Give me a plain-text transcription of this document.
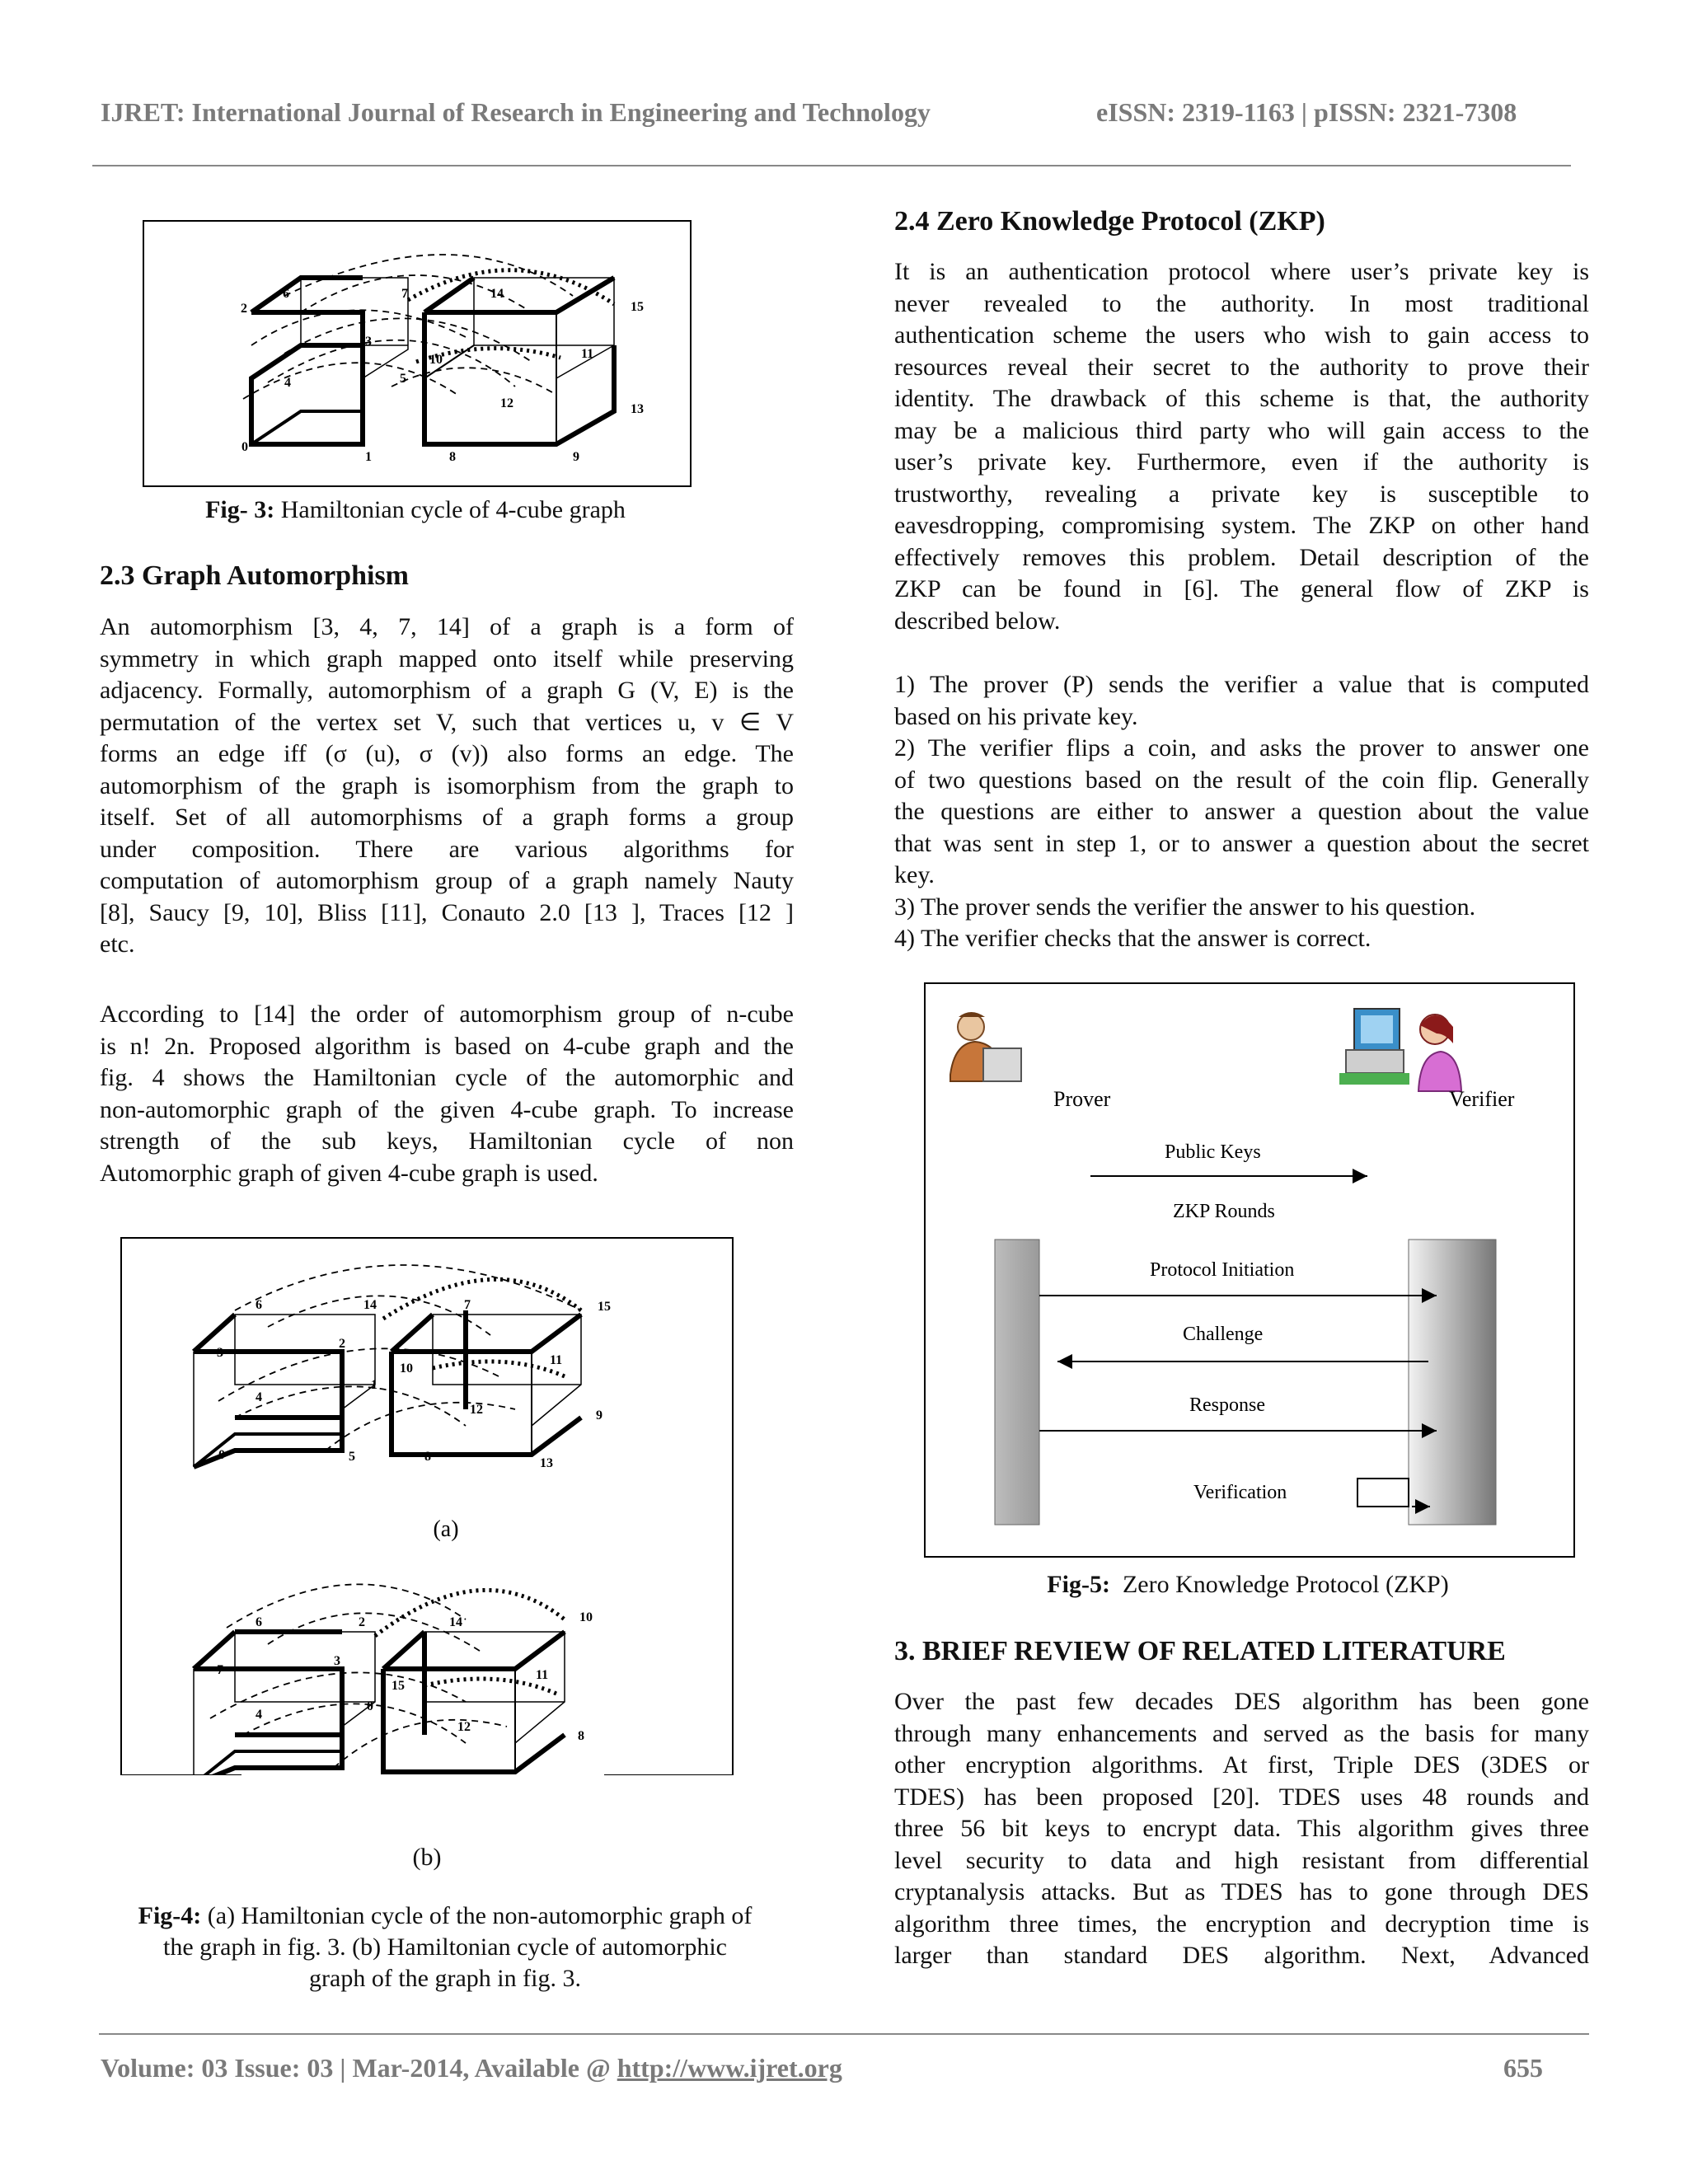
IJRET: International Journal of Research in Engineering and Technology	eISSN: 2319-1163 | pISSN: 2321-7308
0
1
2
3
4	5
6	7
8	9
10	11
12	13
14
15
Fig- 3: Hamiltonian cycle of 4-cube graph
2.3 Graph Automorphism
An automorphism [3, 4, 7, 14] of a graph is a form of
symmetry in which graph mapped onto itself while preserving
adjacency. Formally, automorphism of a graph G (V, E) is the
permutation of the vertex set V, such that vertices u, v ∈ V
forms an edge iff (σ (u), σ (v)) also forms an edge. The
automorphism of the graph is isomorphism from the graph to
itself. Set of all automorphisms of a graph forms a group
under composition. There are various algorithms for
computation of automorphism group of a graph namely Nauty
[8], Saucy [9, 10], Bliss [11], Conauto 2.0 [13 ], Traces [12 ]
etc.
According to [14] the order of automorphism group of n-cube
is n! 2n. Proposed algorithm is based on 4-cube graph and the
fig. 4 shows the Hamiltonian cycle of the automorphic and
non-automorphic graph of the given 4-cube graph. To increase
strength of the sub keys, Hamiltonian cycle of non
Automorphic graph of given 4-cube graph is used.
0	5
3
4
6	14
2
1
10
8
7	15
11
12	9
13
(a)
7
4
6	2
3
0
15
14	10
11
12
8
(b)
Fig-4: (a) Hamiltonian cycle of the non-automorphic graph of
the graph in fig. 3. (b) Hamiltonian cycle of automorphic
graph of the graph in fig. 3.
2.4 Zero Knowledge Protocol (ZKP)
It is an authentication protocol where user’s private key is
never revealed to the authority. In most traditional
authentication scheme the users who wish to gain access to
resources reveal their secret to the authority to prove their
identity. The drawback of this scheme is that, the authority
may be a malicious third party who will gain access to the
user’s private key. Furthermore, even if the authority is
trustworthy, revealing a private key is susceptible to
eavesdropping, compromising system. The ZKP on other hand
effectively removes this problem. Detail description of the
ZKP can be found in [6]. The general flow of ZKP is
described below.
1) The prover (P) sends the verifier a value that is computed
based on his private key.
2) The verifier flips a coin, and asks the prover to answer one
of two questions based on the result of the coin flip. Generally
the questions are either to answer a question about the value
that was sent in step 1, or to answer a question about the secret
key.
3) The prover sends the verifier the answer to his question.
4) The verifier checks that the answer is correct.
Prover	Verifier
Public Keys
ZKP Rounds
Protocol Initiation
Challenge
Response
Verification
Fig-5: Zero Knowledge Protocol (ZKP)
3. BRIEF REVIEW OF RELATED LITERATURE
Over the past few decades DES algorithm has been gone
through many enhancements and served as the basis for many
other encryption algorithms. At first, Triple DES (3DES or
TDES) has been proposed [20]. TDES uses 48 rounds and
three 56 bit keys to encrypt data. This algorithm gives three
level security to data and high resistant from differential
cryptanalysis attacks. But as TDES has to gone through DES
algorithm three times, the encryption and decryption time is
larger than standard DES algorithm. Next, Advanced
Volume: 03 Issue: 03 | Mar-2014, Available @ http://www.ijret.org	655
